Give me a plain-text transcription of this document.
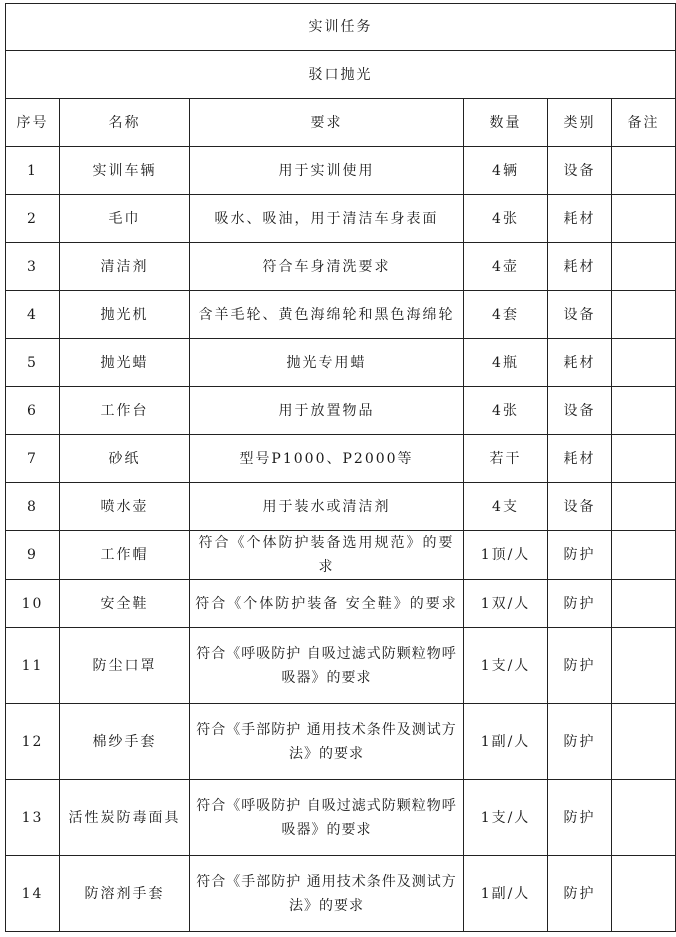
实训任务					
驳口抛光					
序号	名称	要求	数量	类别	备注
1	实训车辆	用于实训使用	4辆	设备	
2	毛巾	吸水、吸油，用于清洁车身表面	4张	耗材	
3	清洁剂	符合车身清洗要求	4壶	耗材	
4	抛光机	含羊毛轮、黄色海绵轮和黑色海绵轮	4套	设备	
5	抛光蜡	抛光专用蜡	4瓶	耗材	
6	工作台	用于放置物品	4张	设备	
7	砂纸	型号P1000、P2000等	若干	耗材	
8	喷水壶	用于装水或清洁剂	4支	设备	
9	工作帽	符合《个体防护装备选用规范》的要求	1顶/人	防护	
10	安全鞋	符合《个体防护装备 安全鞋》的要求	1双/人	防护	
11	防尘口罩	符合《呼吸防护 自吸过滤式防颗粒物呼吸器》的要求	1支/人	防护	
12	棉纱手套	符合《手部防护 通用技术条件及测试方法》的要求	1副/人	防护	
13	活性炭防毒面具	符合《呼吸防护 自吸过滤式防颗粒物呼吸器》的要求	1支/人	防护	
14	防溶剂手套	符合《手部防护 通用技术条件及测试方法》的要求	1副/人	防护	
